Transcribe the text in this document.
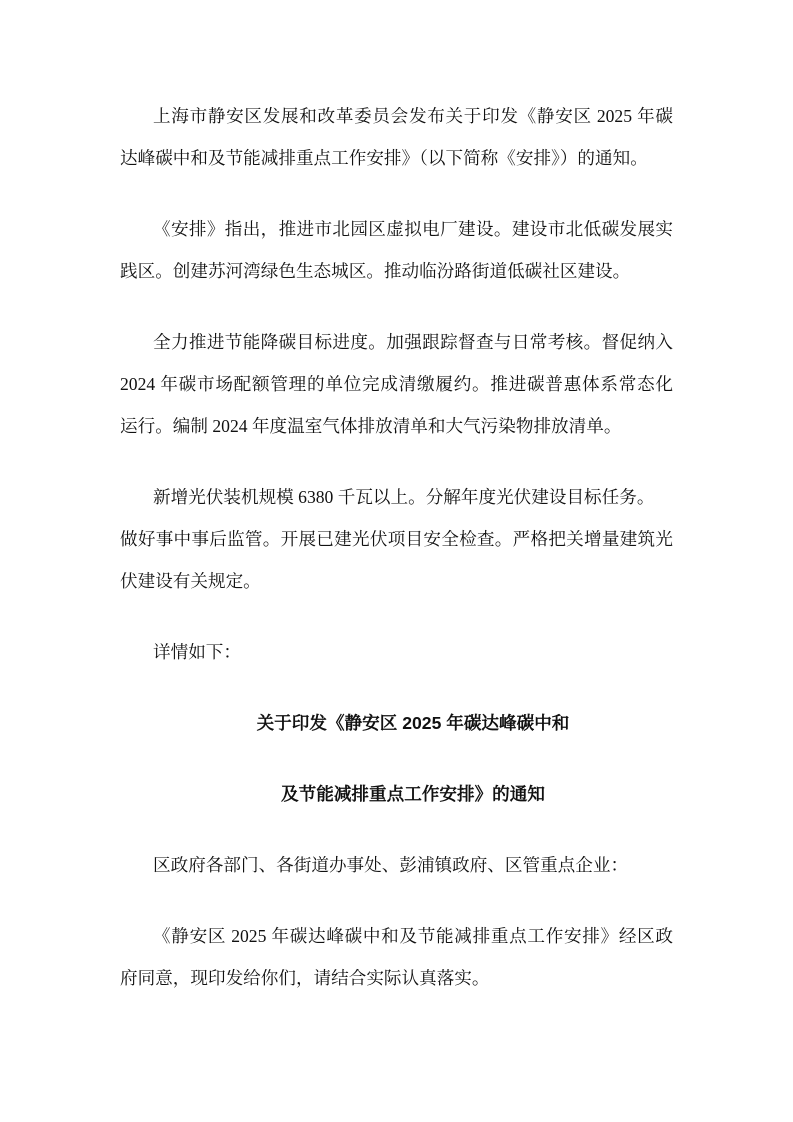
上海市静安区发展和改革委员会发布关于印发《静安区 2025 年碳
达峰碳中和及节能减排重点工作安排》（以下简称《安排》）的通知。
《安排》指出，推进市北园区虚拟电厂建设。建设市北低碳发展实
践区。创建苏河湾绿色生态城区。推动临汾路街道低碳社区建设。
全力推进节能降碳目标进度。加强跟踪督查与日常考核。督促纳入
2024 年碳市场配额管理的单位完成清缴履约。推进碳普惠体系常态化
运行。编制 2024 年度温室气体排放清单和大气污染物排放清单。
新增光伏装机规模 6380 千瓦以上。分解年度光伏建设目标任务。
做好事中事后监管。开展已建光伏项目安全检查。严格把关增量建筑光
伏建设有关规定。
详情如下：
关于印发《静安区 2025 年碳达峰碳中和
及节能减排重点工作安排》的通知
区政府各部门、各街道办事处、彭浦镇政府、区管重点企业：
《静安区 2025 年碳达峰碳中和及节能减排重点工作安排》经区政
府同意，现印发给你们，请结合实际认真落实。
